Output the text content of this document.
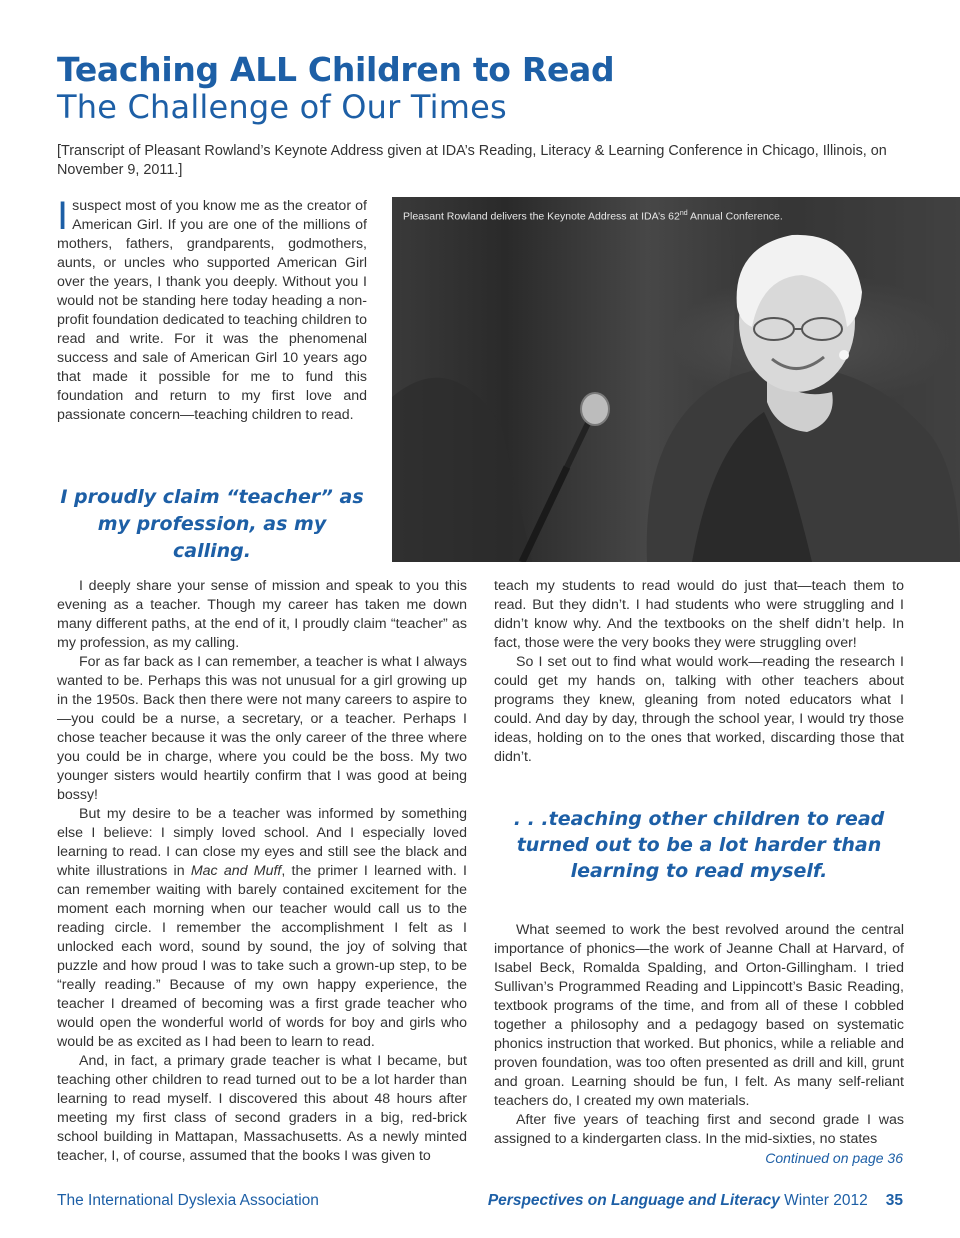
Teaching ALL Children to Read
The Challenge of Our Times

[Transcript of Pleasant Rowland’s Keynote Address given at IDA’s Reading, Literacy & Learning Conference in Chicago, Illinois, on November 9, 2011.]

I suspect most of you know me as the creator of American Girl. If you are one of the millions of mothers, fathers, grandparents, godmothers, aunts, or uncles who supported American Girl over the years, I thank you deeply. Without you I would not be standing here today heading a non-profit foundation dedicated to teaching children to read and write. For it was the phenomenal success and sale of American Girl 10 years ago that made it possible for me to fund this foundation and return to my first love and passionate concern—teaching children to read.

I proudly claim “teacher” as my profession, as my calling.

Pleasant Rowland delivers the Keynote Address at IDA’s 62nd Annual Conference.

I deeply share your sense of mission and speak to you this evening as a teacher. Though my career has taken me down many different paths, at the end of it, I proudly claim “teacher” as my profession, as my calling.

For as far back as I can remember, a teacher is what I always wanted to be. Perhaps this was not unusual for a girl growing up in the 1950s. Back then there were not many careers to aspire to—you could be a nurse, a secretary, or a teacher. Perhaps I chose teacher because it was the only career of the three where you could be in charge, where you could be the boss. My two younger sisters would heartily confirm that I was good at being bossy!

But my desire to be a teacher was informed by something else I believe: I simply loved school. And I especially loved learning to read. I can close my eyes and still see the black and white illustrations in Mac and Muff, the primer I learned with. I can remember waiting with barely contained excitement for the moment each morning when our teacher would call us to the reading circle. I remember the accomplishment I felt as I unlocked each word, sound by sound, the joy of solving that puzzle and how proud I was to take such a grown-up step, to be “really reading.” Because of my own happy experience, the teacher I dreamed of becoming was a first grade teacher who would open the wonderful world of words for boy and girls who would be as excited as I had been to learn to read.

And, in fact, a primary grade teacher is what I became, but teaching other children to read turned out to be a lot harder than learning to read myself. I discovered this about 48 hours after meeting my first class of second graders in a big, red-brick school building in Mattapan, Massachusetts. As a newly minted teacher, I, of course, assumed that the books I was given to

teach my students to read would do just that—teach them to read. But they didn’t. I had students who were struggling and I didn’t know why. And the textbooks on the shelf didn’t help. In fact, those were the very books they were struggling over!

So I set out to find what would work—reading the research I could get my hands on, talking with other teachers about programs they knew, gleaning from noted educators what I could. And day by day, through the school year, I would try those ideas, holding on to the ones that worked, discarding those that didn’t.

. . .teaching other children to read turned out to be a lot harder than learning to read myself.

What seemed to work the best revolved around the central importance of phonics—the work of Jeanne Chall at Harvard, of Isabel Beck, Romalda Spalding, and Orton-Gillingham. I tried Sullivan’s Programmed Reading and Lippincott’s Basic Reading, textbook programs of the time, and from all of these I cobbled together a philosophy and a pedagogy based on systematic phonics instruction that worked. But phonics, while a reliable and proven foundation, was too often presented as drill and kill, grunt and groan. Learning should be fun, I felt. As many self-reliant teachers do, I created my own materials.

After five years of teaching first and second grade I was assigned to a kindergarten class. In the mid-sixties, no states

Continued on page 36

The International Dyslexia Association	Perspectives on Language and Literacy Winter 2012 35
